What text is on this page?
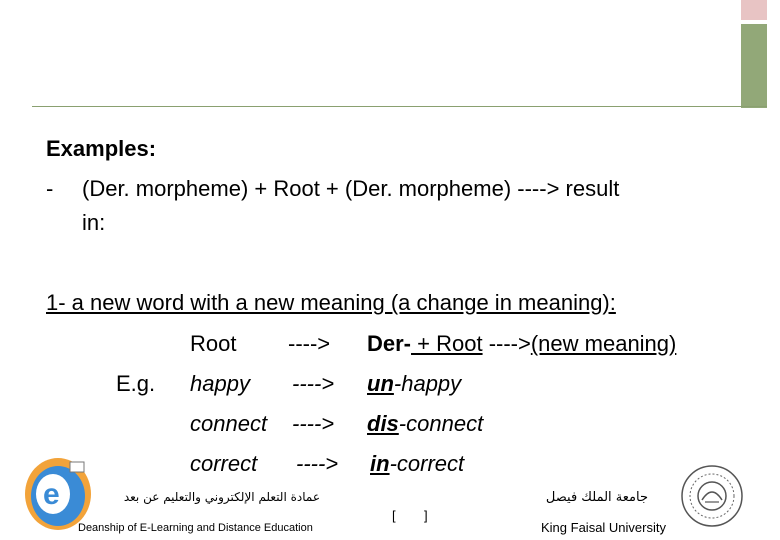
Examples:
- (Der. morpheme) + Root + (Der. morpheme) ----> result
in:
1- a new word with a new meaning (a change in meaning):
Root ----> Der- + Root ---->(new meaning)
E.g. happy ----> un-happy
connect ----> dis-connect
correct ----> in-correct
e	عمادة التعلم الإلكتروني والتعليم عن بعد
Deanship of E-Learning and Distance Education
[ ]
جامعة الملك فيصل
King Faisal University
